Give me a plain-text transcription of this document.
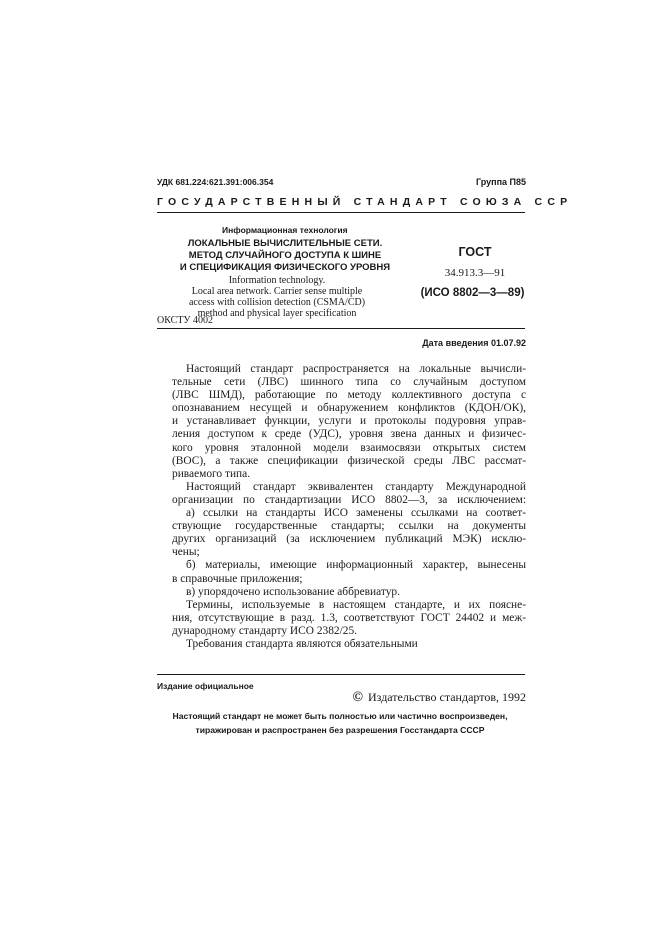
УДК 681.224:621.391:006.354	Группа П85
ГОСУДАРСТВЕННЫЙ СТАНДАРТ СОЮЗА ССР
Информационная технология
ЛОКАЛЬНЫЕ ВЫЧИСЛИТЕЛЬНЫЕ СЕТИ.
МЕТОД СЛУЧАЙНОГО ДОСТУПА К ШИНЕ
И СПЕЦИФИКАЦИЯ ФИЗИЧЕСКОГО УРОВНЯ
Information technology.
Local area network. Carrier sense multiple
access with collision detection (CSMA/CD)
method and physical layer specification
ОКСТУ 4002
ГОСТ
34.913.3—91
(ИСО 8802—3—89)
Дата введения 01.07.92
Настоящий стандарт распространяется на локальные вычисли-
тельные сети (ЛВС) шинного типа со случайным доступом
(ЛВС ШМД), работающие по методу коллективного доступа с
опознаванием несущей и обнаружением конфликтов (КДОН/ОК),
и устанавливает функции, услуги и протоколы подуровня управ-
ления доступом к среде (УДС), уровня звена данных и физичес-
кого уровня эталонной модели взаимосвязи открытых систем
(ВОС), а также спецификации физической среды ЛВС рассмат-
риваемого типа.
Настоящий стандарт эквивалентен стандарту Международной
организации по стандартизации ИСО 8802—3, за исключением:
а) ссылки на стандарты ИСО заменены ссылками на соответ-
ствующие государственные стандарты; ссылки на документы
других организаций (за исключением публикаций МЭК) исклю-
чены;
б) материалы, имеющие информационный характер, вынесены
в справочные приложения;
в) упорядочено использование аббревиатур.
Термины, используемые в настоящем стандарте, и их поясне-
ния, отсутствующие в разд. 1.3, соответствуют ГОСТ 24402 и меж-
дународному стандарту ИСО 2382/25.
Требования стандарта являются обязательными
Издание официальное
© Издательство стандартов, 1992
Настоящий стандарт не может быть полностью или частично воспроизведен,
тиражирован и распространен без разрешения Госстандарта СССР
